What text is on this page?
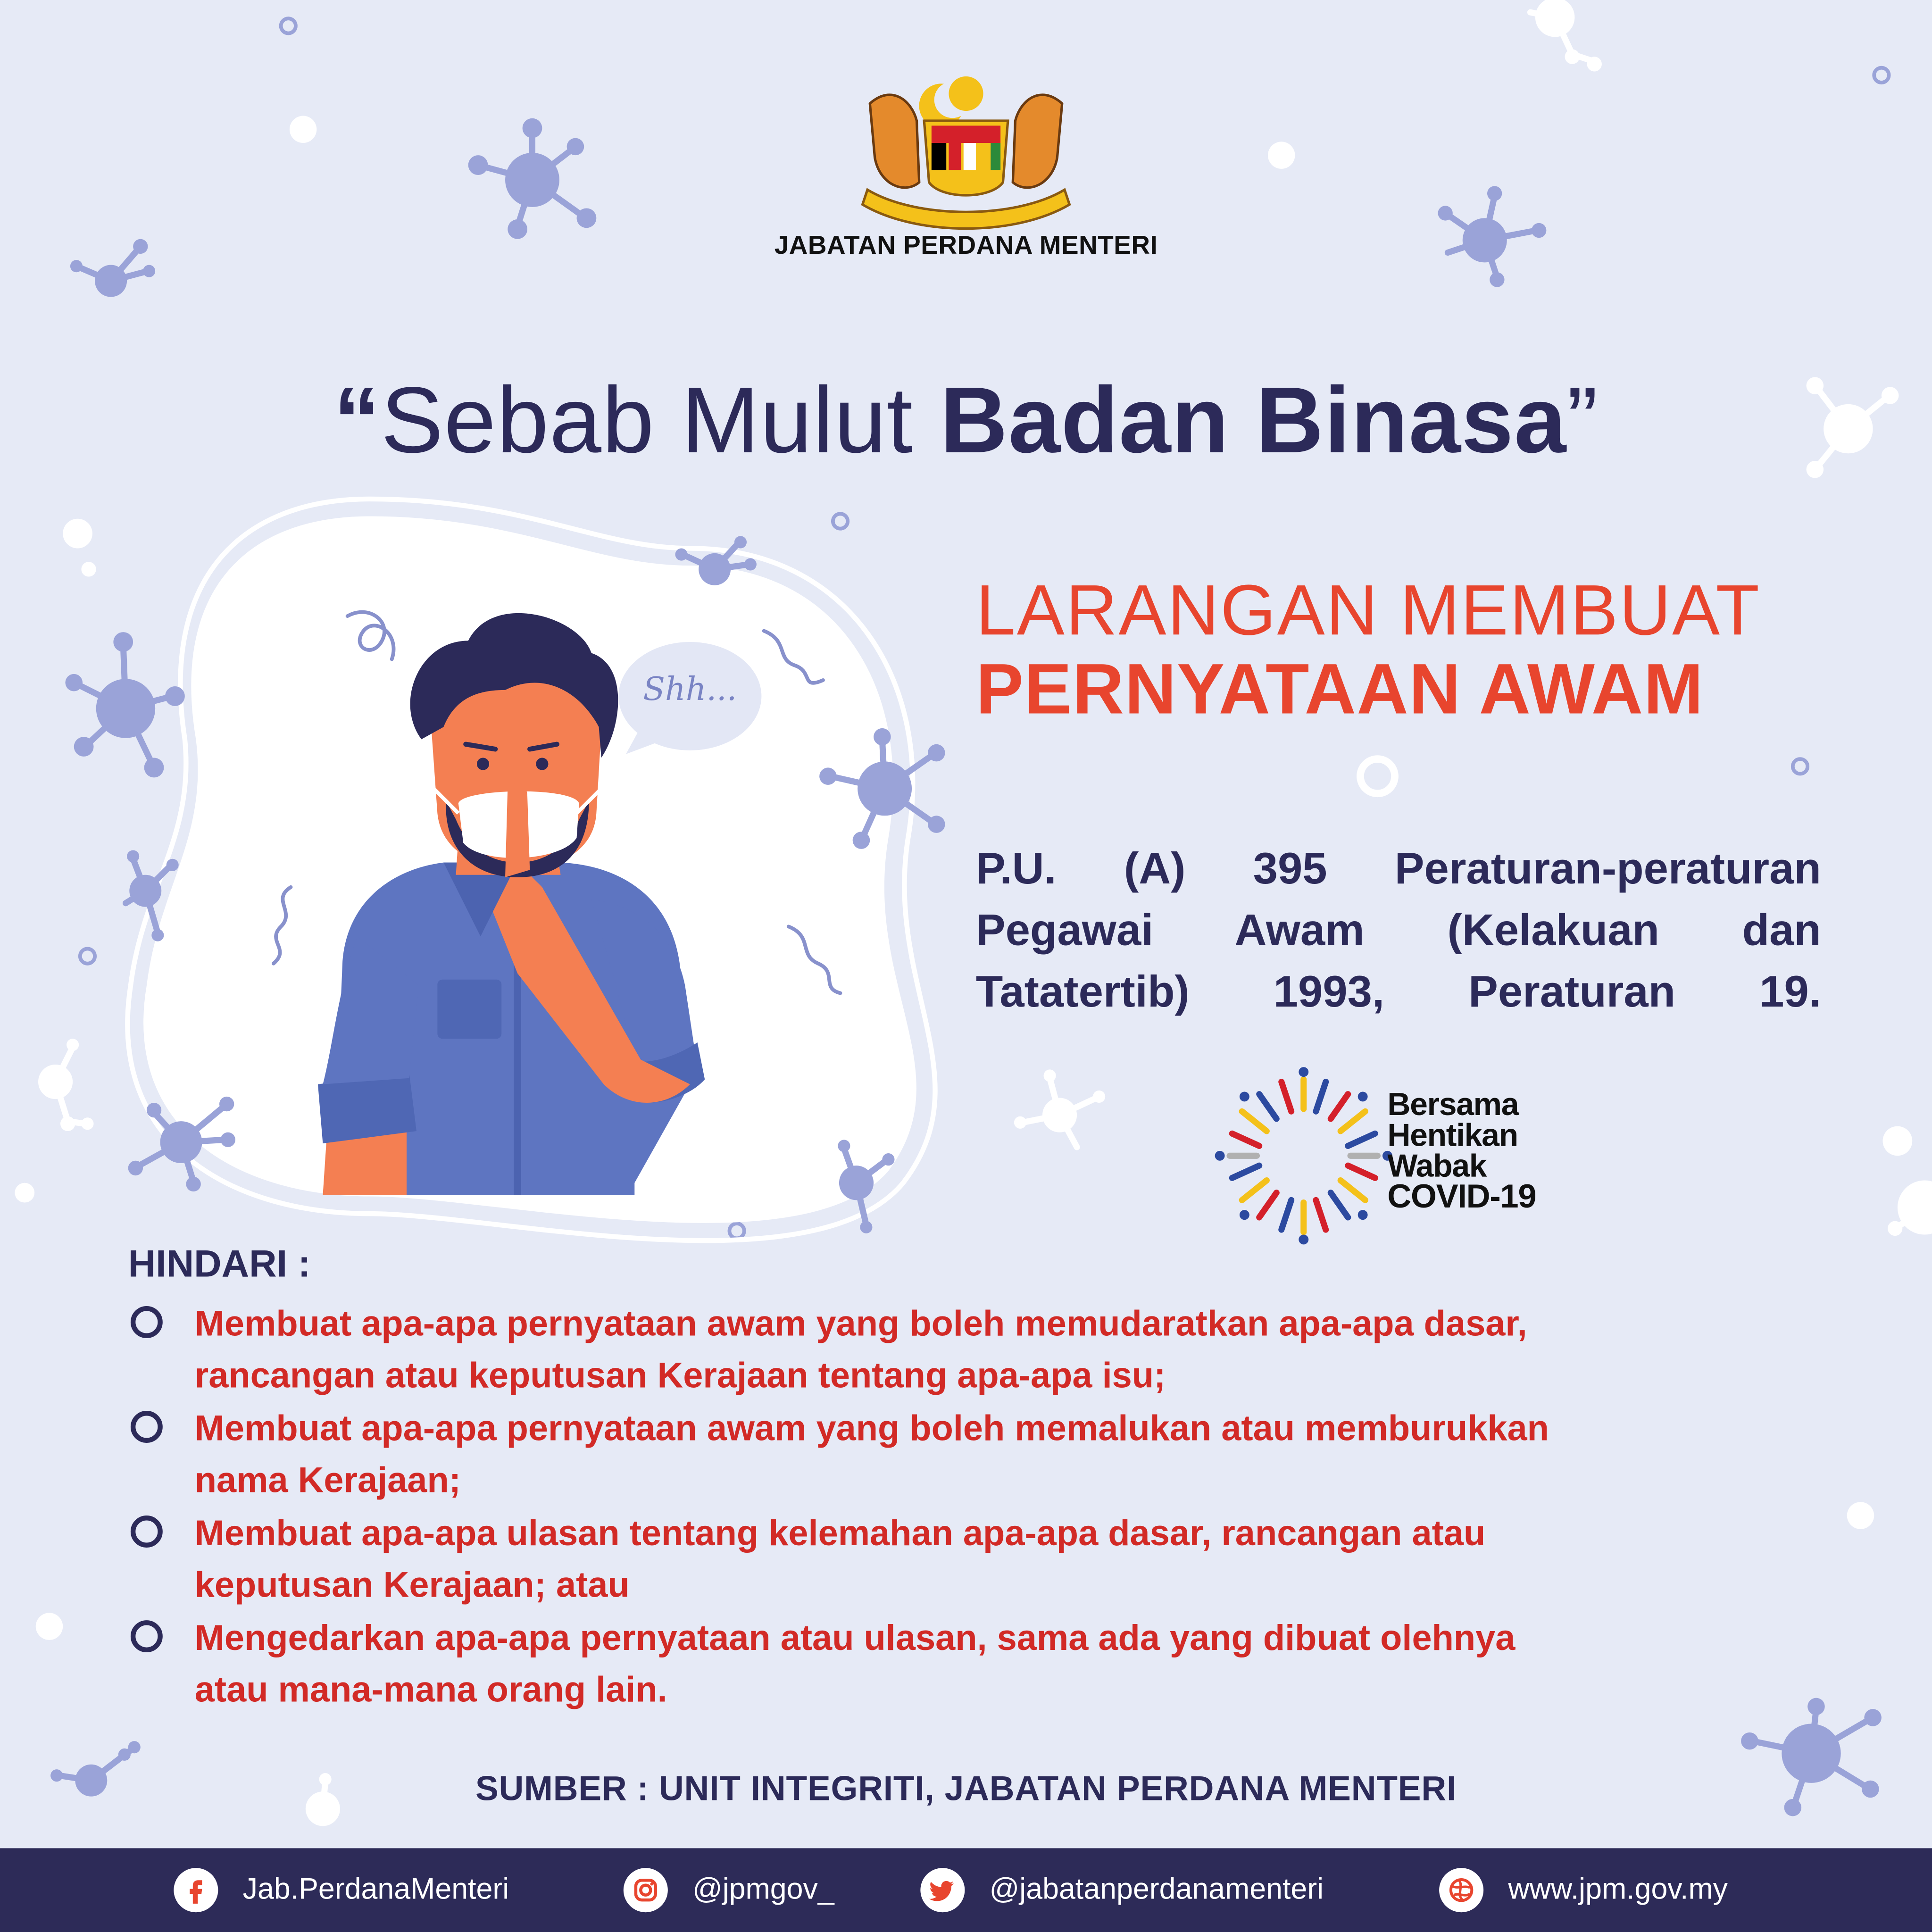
JABATAN PERDANA MENTERI
“Sebab Mulut Badan Binasa”
Shh...
LARANGAN MEMBUAT
PERNYATAAN AWAM
P.U. (A) 395 Peraturan-peraturan
Pegawai Awam (Kelakuan dan
Tatatertib) 1993, Peraturan 19.
Bersama
Hentikan
Wabak
COVID-19
HINDARI :
Membuat apa-apa pernyataan awam yang boleh memudaratkan apa-apa dasar,
rancangan atau keputusan Kerajaan tentang apa-apa isu;
Membuat apa-apa pernyataan awam yang boleh memalukan atau memburukkan
nama Kerajaan;
Membuat apa-apa ulasan tentang kelemahan apa-apa dasar, rancangan atau
keputusan Kerajaan; atau
Mengedarkan apa-apa pernyataan atau ulasan, sama ada yang dibuat olehnya
atau mana-mana orang lain.
SUMBER : UNIT INTEGRITI, JABATAN PERDANA MENTERI
Jab.PerdanaMenteri	@jpmgov_	@jabatanperdanamenteri	www.jpm.gov.my
